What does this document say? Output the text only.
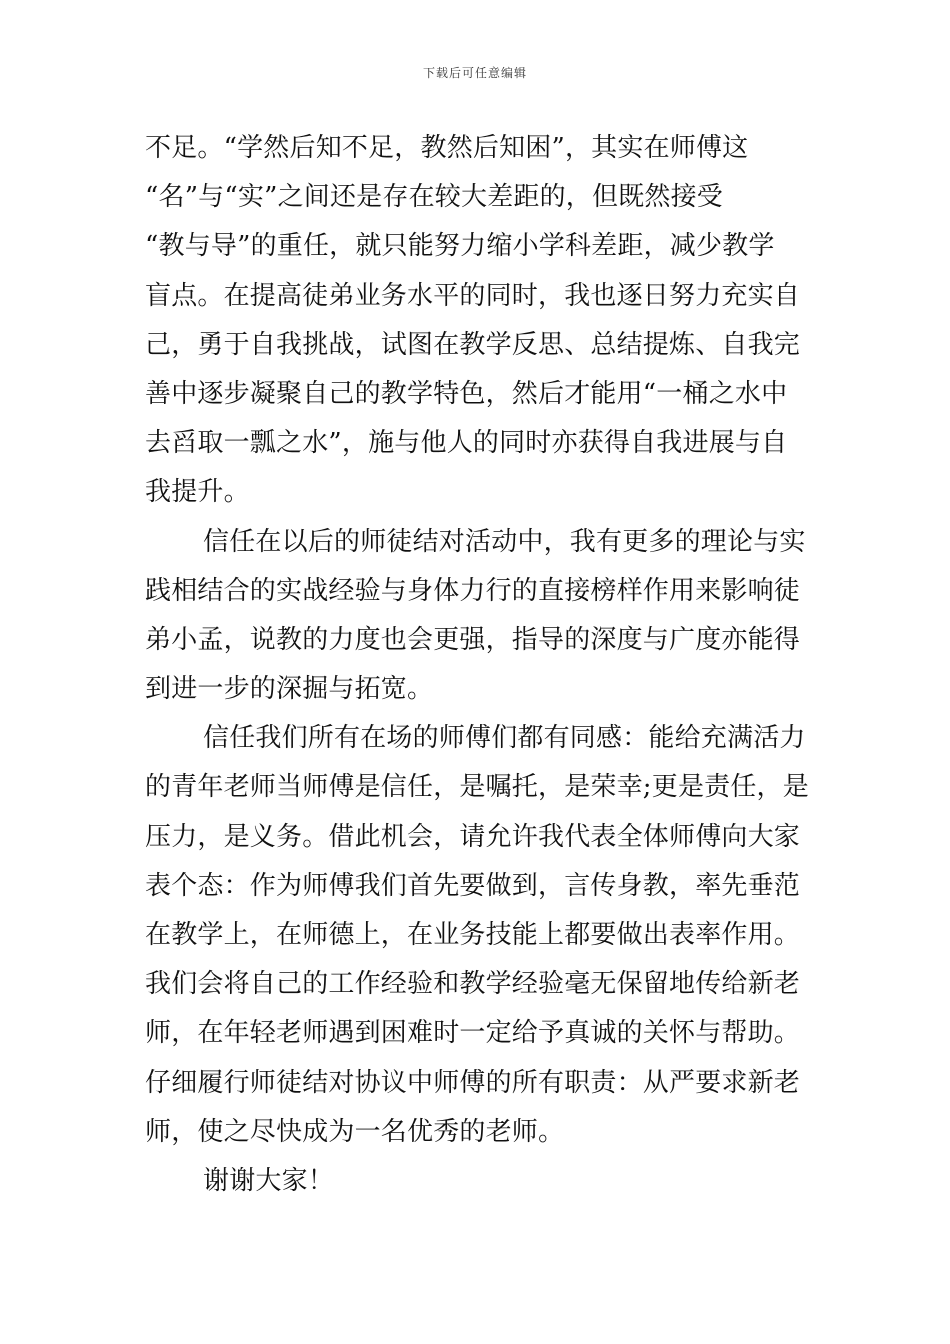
下载后可任意编辑
不足。“学然后知不足，教然后知困”，其实在师傅这
“名”与“实”之间还是存在较大差距的，但既然接受
“教与导”的重任，就只能努力缩小学科差距，减少教学
盲点。在提高徒弟业务水平的同时，我也逐日努力充实自
己，勇于自我挑战，试图在教学反思、总结提炼、自我完
善中逐步凝聚自己的教学特色，然后才能用“一桶之水中
去舀取一瓢之水”，施与他人的同时亦获得自我进展与自
我提升。
信任在以后的师徒结对活动中，我有更多的理论与实
践相结合的实战经验与身体力行的直接榜样作用来影响徒
弟小孟，说教的力度也会更强，指导的深度与广度亦能得
到进一步的深掘与拓宽。
信任我们所有在场的师傅们都有同感：能给充满活力
的青年老师当师傅是信任，是嘱托，是荣幸;更是责任，是
压力，是义务。借此机会，请允许我代表全体师傅向大家
表个态：作为师傅我们首先要做到，言传身教，率先垂范
在教学上，在师德上，在业务技能上都要做出表率作用。
我们会将自己的工作经验和教学经验毫无保留地传给新老
师，在年轻老师遇到困难时一定给予真诚的关怀与帮助。
仔细履行师徒结对协议中师傅的所有职责：从严要求新老
师，使之尽快成为一名优秀的老师。
谢谢大家！
